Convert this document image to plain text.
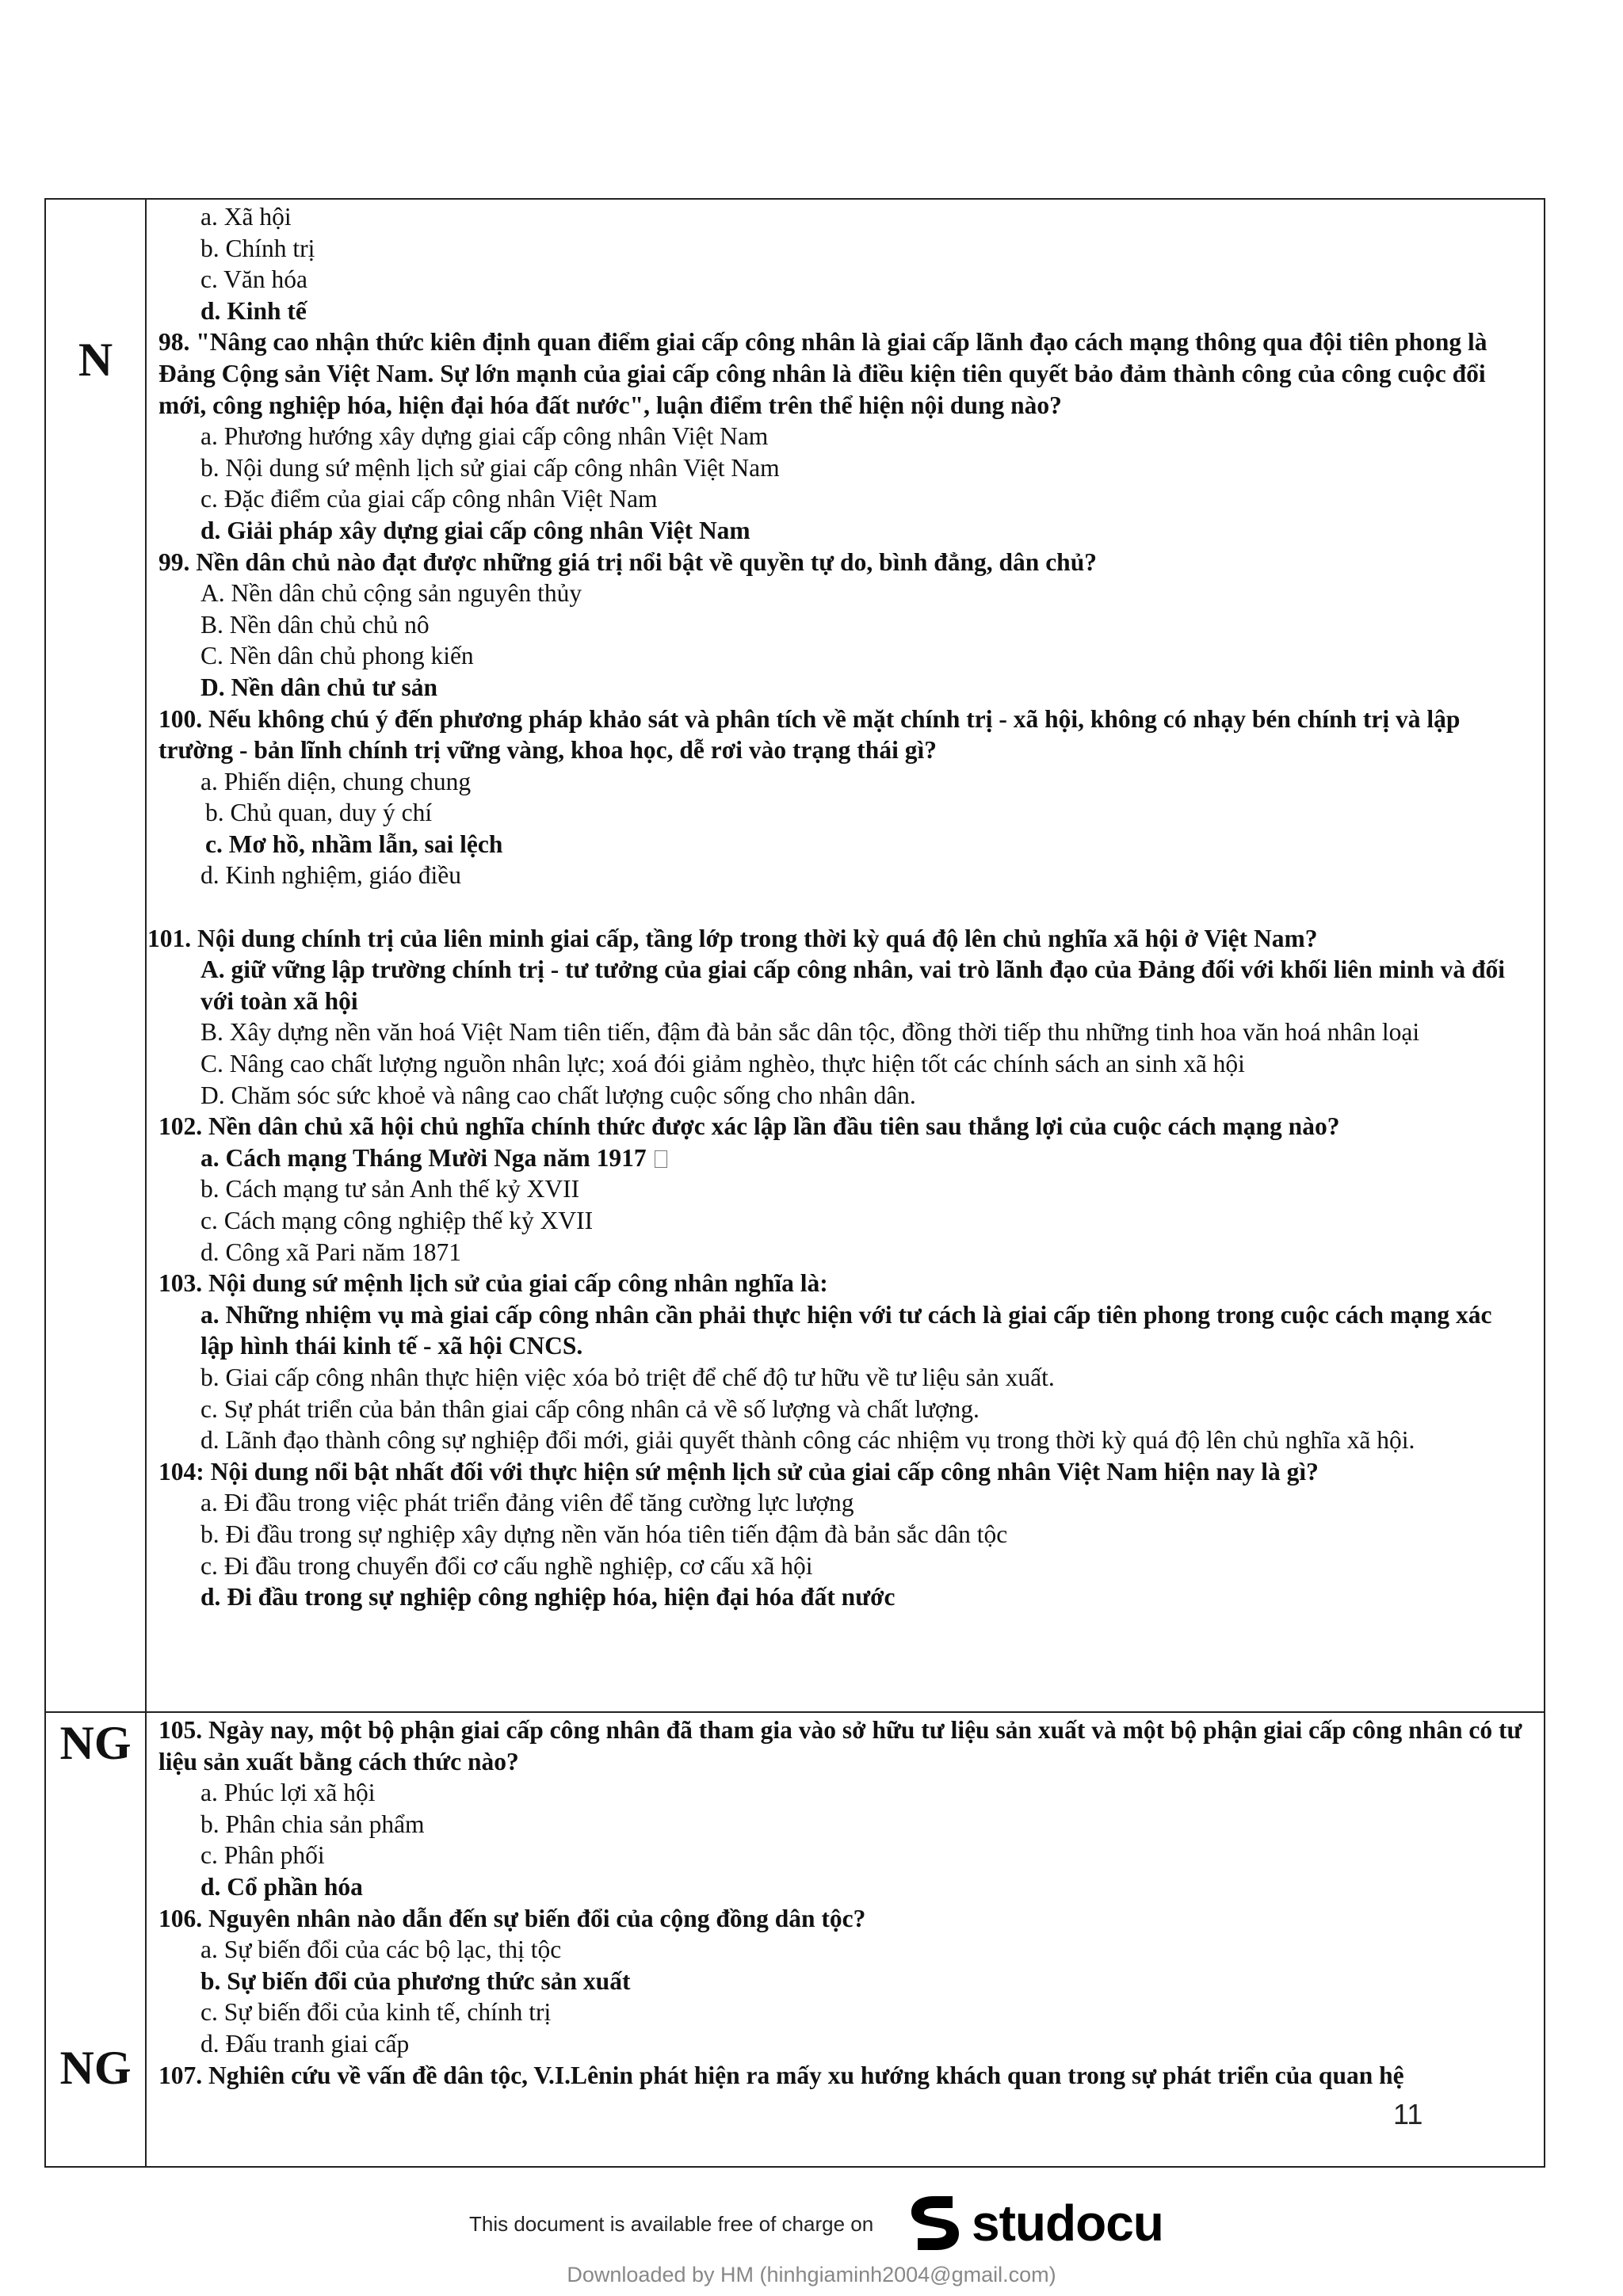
N
NG
NG
a. Xã hội
b. Chính trị
c. Văn hóa
d. Kinh tế
98. "Nâng cao nhận thức kiên định quan điểm giai cấp công nhân là giai cấp lãnh đạo cách mạng thông qua đội tiên phong là Đảng Cộng sản Việt Nam. Sự lớn mạnh của giai cấp công nhân là điều kiện tiên quyết bảo đảm thành công của công cuộc đổi mới, công nghiệp hóa, hiện đại hóa đất nước", luận điểm trên thể hiện nội dung nào?
a. Phương hướng xây dựng giai cấp công nhân Việt Nam
b. Nội dung sứ mệnh lịch sử giai cấp công nhân Việt Nam
c. Đặc điểm của giai cấp công nhân Việt Nam
d. Giải pháp xây dựng giai cấp công nhân Việt Nam
99. Nền dân chủ nào đạt được những giá trị nổi bật về quyền tự do, bình đẳng, dân chủ?
A. Nền dân chủ cộng sản nguyên thủy
B. Nền dân chủ chủ nô
C. Nền dân chủ phong kiến
D. Nền dân chủ tư sản
100. Nếu không chú ý đến phương pháp khảo sát và phân tích về mặt chính trị - xã hội, không có nhạy bén chính trị và lập trường - bản lĩnh chính trị vững vàng, khoa học, dễ rơi vào trạng thái gì?
a. Phiến diện, chung chung
b. Chủ quan, duy ý chí
c. Mơ hồ, nhầm lẫn, sai lệch
d. Kinh nghiệm, giáo điều
101. Nội dung chính trị của liên minh giai cấp, tầng lớp trong thời kỳ quá độ lên chủ nghĩa xã hội ở Việt Nam?
A. giữ vững lập trường chính trị - tư tưởng của giai cấp công nhân, vai trò lãnh đạo của Đảng đối với khối liên minh và đối với toàn xã hội
B. Xây dựng nền văn hoá Việt Nam tiên tiến, đậm đà bản sắc dân tộc, đồng thời tiếp thu những tinh hoa văn hoá nhân loại
C. Nâng cao chất lượng nguồn nhân lực; xoá đói giảm nghèo, thực hiện tốt các chính sách an sinh xã hội
D. Chăm sóc sức khoẻ và nâng cao chất lượng cuộc sống cho nhân dân.
102. Nền dân chủ xã hội chủ nghĩa chính thức được xác lập lần đầu tiên sau thắng lợi của cuộc cách mạng nào?
a. Cách mạng Tháng Mười Nga năm 1917
b. Cách mạng tư sản Anh thế kỷ XVII
c. Cách mạng công nghiệp thế kỷ XVII
d. Công xã Pari năm 1871
103. Nội dung sứ mệnh lịch sử của giai cấp công nhân nghĩa là:
a. Những nhiệm vụ mà giai cấp công nhân cần phải thực hiện với tư cách là giai cấp tiên phong trong cuộc cách mạng xác lập hình thái kinh tế - xã hội CNCS.
b. Giai cấp công nhân thực hiện việc xóa bỏ triệt để chế độ tư hữu về tư liệu sản xuất.
c. Sự phát triển của bản thân giai cấp công nhân cả về số lượng và chất lượng.
d. Lãnh đạo thành công sự nghiệp đổi mới, giải quyết thành công các nhiệm vụ trong thời kỳ quá độ lên chủ nghĩa xã hội.
104: Nội dung nổi bật nhất đối với thực hiện sứ mệnh lịch sử của giai cấp công nhân Việt Nam hiện nay là gì?
a. Đi đầu trong việc phát triển đảng viên để tăng cường lực lượng
b. Đi đầu trong sự nghiệp xây dựng nền văn hóa tiên tiến đậm đà bản sắc dân tộc
c. Đi đầu trong chuyển đổi cơ cấu nghề nghiệp, cơ cấu xã hội
d. Đi đầu trong sự nghiệp công nghiệp hóa, hiện đại hóa đất nước
105. Ngày nay, một bộ phận giai cấp công nhân đã tham gia vào sở hữu tư liệu sản xuất và một bộ phận giai cấp công nhân có tư liệu sản xuất bằng cách thức nào?
a. Phúc lợi xã hội
b. Phân chia sản phẩm
c. Phân phối
d. Cổ phần hóa
106. Nguyên nhân nào dẫn đến sự biến đổi của cộng đồng dân tộc?
a. Sự biến đổi của các bộ lạc, thị tộc
b. Sự biến đổi của phương thức sản xuất
c. Sự biến đổi của kinh tế, chính trị
d. Đấu tranh giai cấp
107. Nghiên cứu về vấn đề dân tộc, V.I.Lênin phát hiện ra mấy xu hướng khách quan trong sự phát triển của quan hệ
11
This document is available free of charge on studocu
Downloaded by HM (hinhgiaminh2004@gmail.com)
